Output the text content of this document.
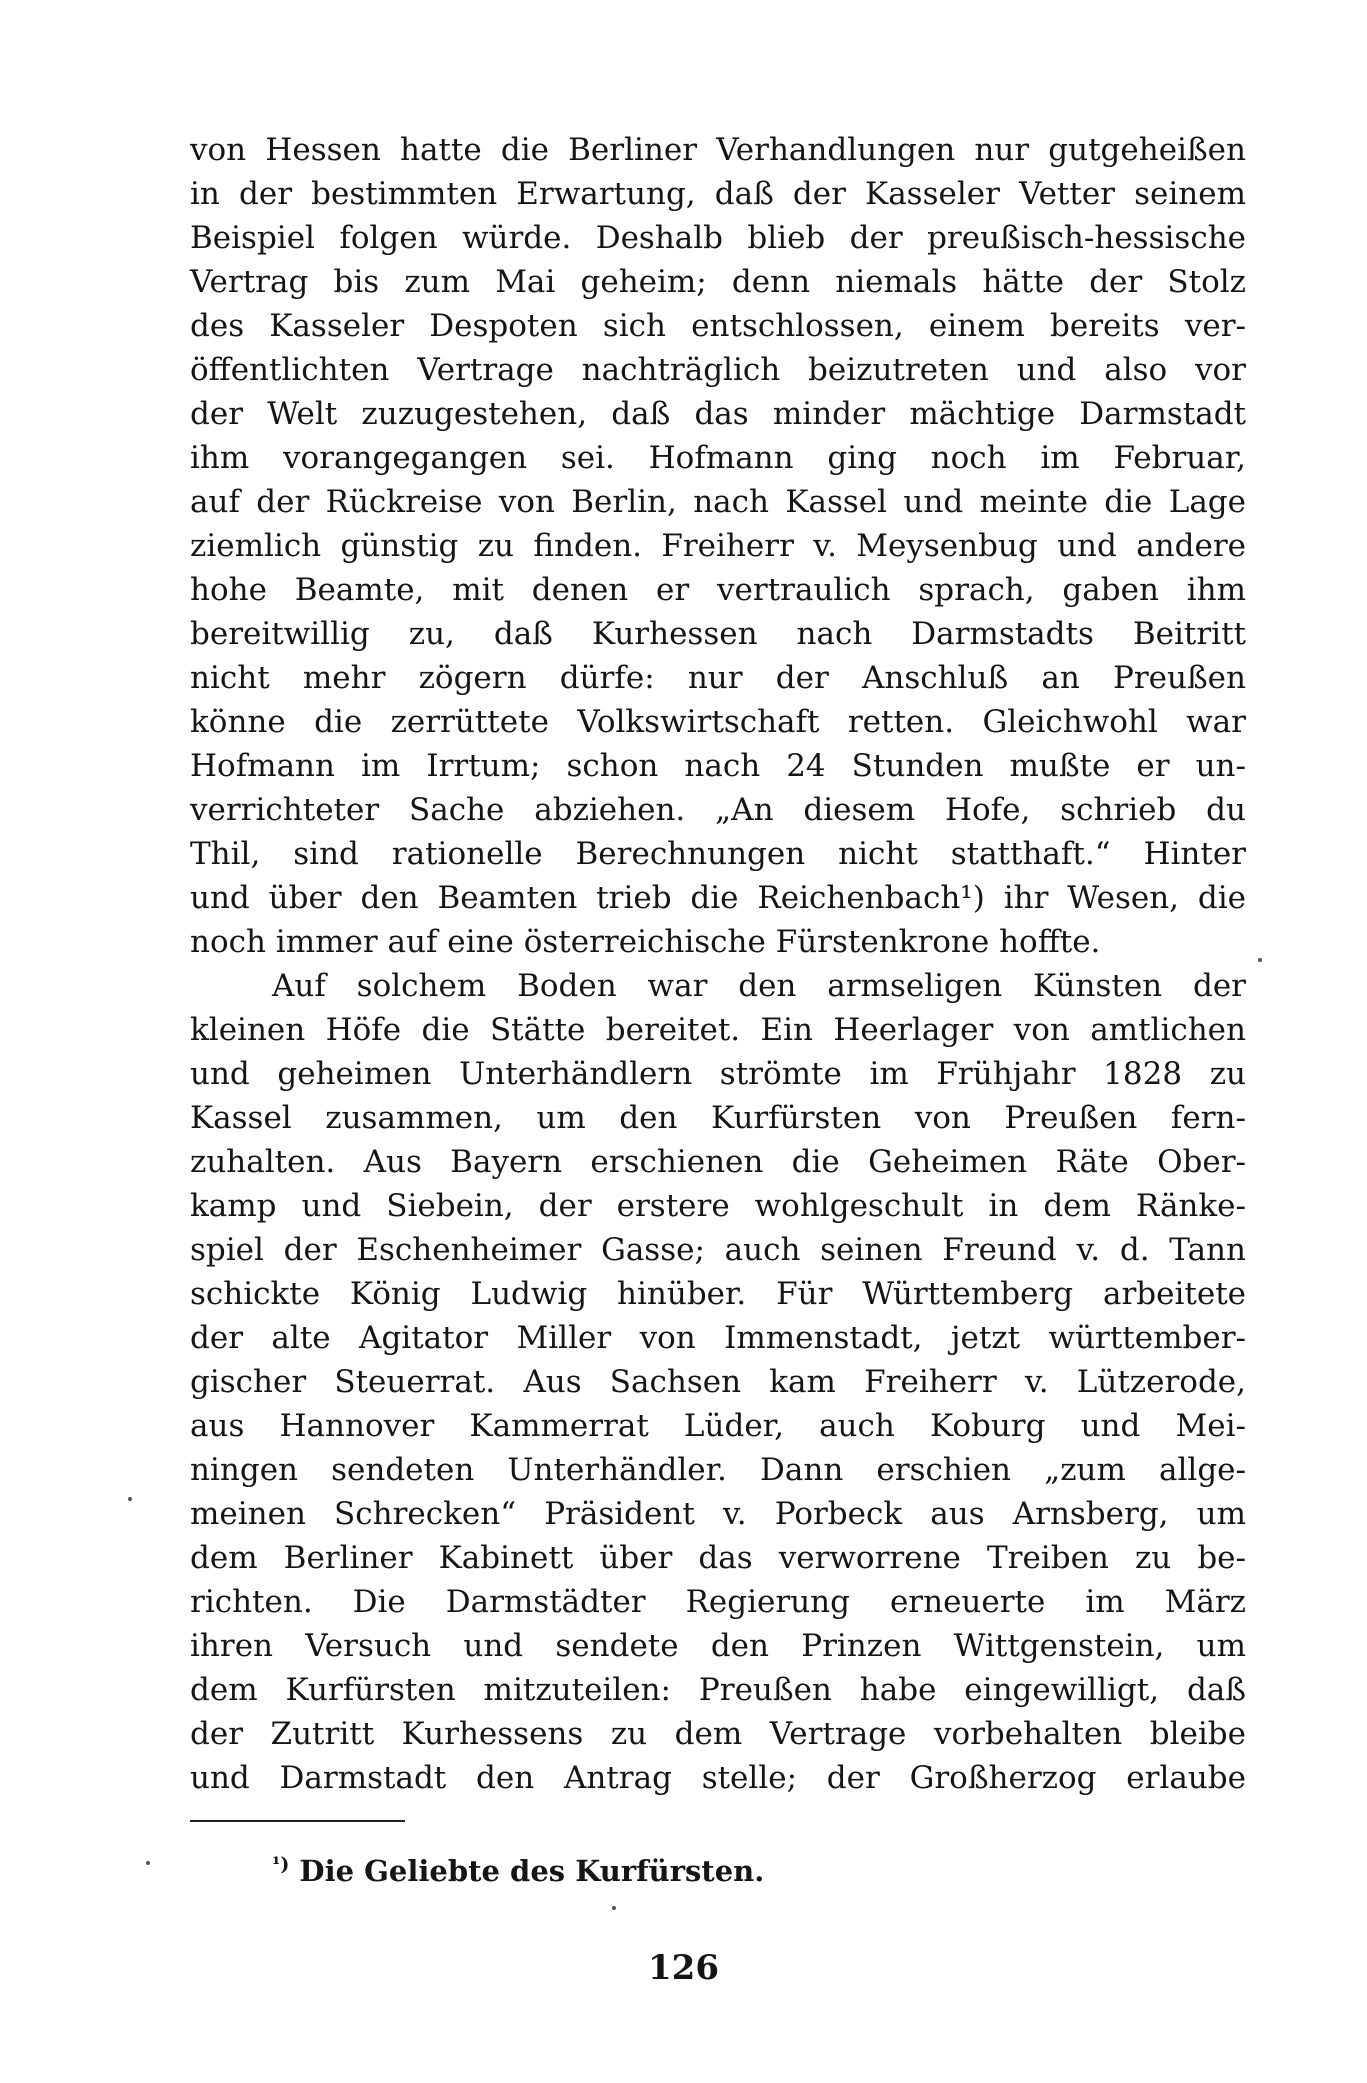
von Hessen hatte die Berliner Verhandlungen nur gutgeheißen
in der bestimmten Erwartung, daß der Kasseler Vetter seinem
Beispiel folgen würde. Deshalb blieb der preußisch-hessische
Vertrag bis zum Mai geheim; denn niemals hätte der Stolz
des Kasseler Despoten sich entschlossen, einem bereits ver-
öffentlichten Vertrage nachträglich beizutreten und also vor
der Welt zuzugestehen, daß das minder mächtige Darmstadt
ihm vorangegangen sei. Hofmann ging noch im Februar,
auf der Rückreise von Berlin, nach Kassel und meinte die Lage
ziemlich günstig zu finden. Freiherr v. Meysenbug und andere
hohe Beamte, mit denen er vertraulich sprach, gaben ihm
bereitwillig zu, daß Kurhessen nach Darmstadts Beitritt
nicht mehr zögern dürfe: nur der Anschluß an Preußen
könne die zerrüttete Volkswirtschaft retten. Gleichwohl war
Hofmann im Irrtum; schon nach 24 Stunden mußte er un-
verrichteter Sache abziehen. „An diesem Hofe, schrieb du
Thil, sind rationelle Berechnungen nicht statthaft.“ Hinter
und über den Beamten trieb die Reichenbach¹) ihr Wesen, die
noch immer auf eine österreichische Fürstenkrone hoffte.
Auf solchem Boden war den armseligen Künsten der
kleinen Höfe die Stätte bereitet. Ein Heerlager von amtlichen
und geheimen Unterhändlern strömte im Frühjahr 1828 zu
Kassel zusammen, um den Kurfürsten von Preußen fern-
zuhalten. Aus Bayern erschienen die Geheimen Räte Ober-
kamp und Siebein, der erstere wohlgeschult in dem Ränke-
spiel der Eschenheimer Gasse; auch seinen Freund v. d. Tann
schickte König Ludwig hinüber. Für Württemberg arbeitete
der alte Agitator Miller von Immenstadt, jetzt württember-
gischer Steuerrat. Aus Sachsen kam Freiherr v. Lützerode,
aus Hannover Kammerrat Lüder, auch Koburg und Mei-
ningen sendeten Unterhändler. Dann erschien „zum allge-
meinen Schrecken“ Präsident v. Porbeck aus Arnsberg, um
dem Berliner Kabinett über das verworrene Treiben zu be-
richten. Die Darmstädter Regierung erneuerte im März
ihren Versuch und sendete den Prinzen Wittgenstein, um
dem Kurfürsten mitzuteilen: Preußen habe eingewilligt, daß
der Zutritt Kurhessens zu dem Vertrage vorbehalten bleibe
und Darmstadt den Antrag stelle; der Großherzog erlaube
$^{^1)}$ Die Geliebte des Kurfürsten.
126
